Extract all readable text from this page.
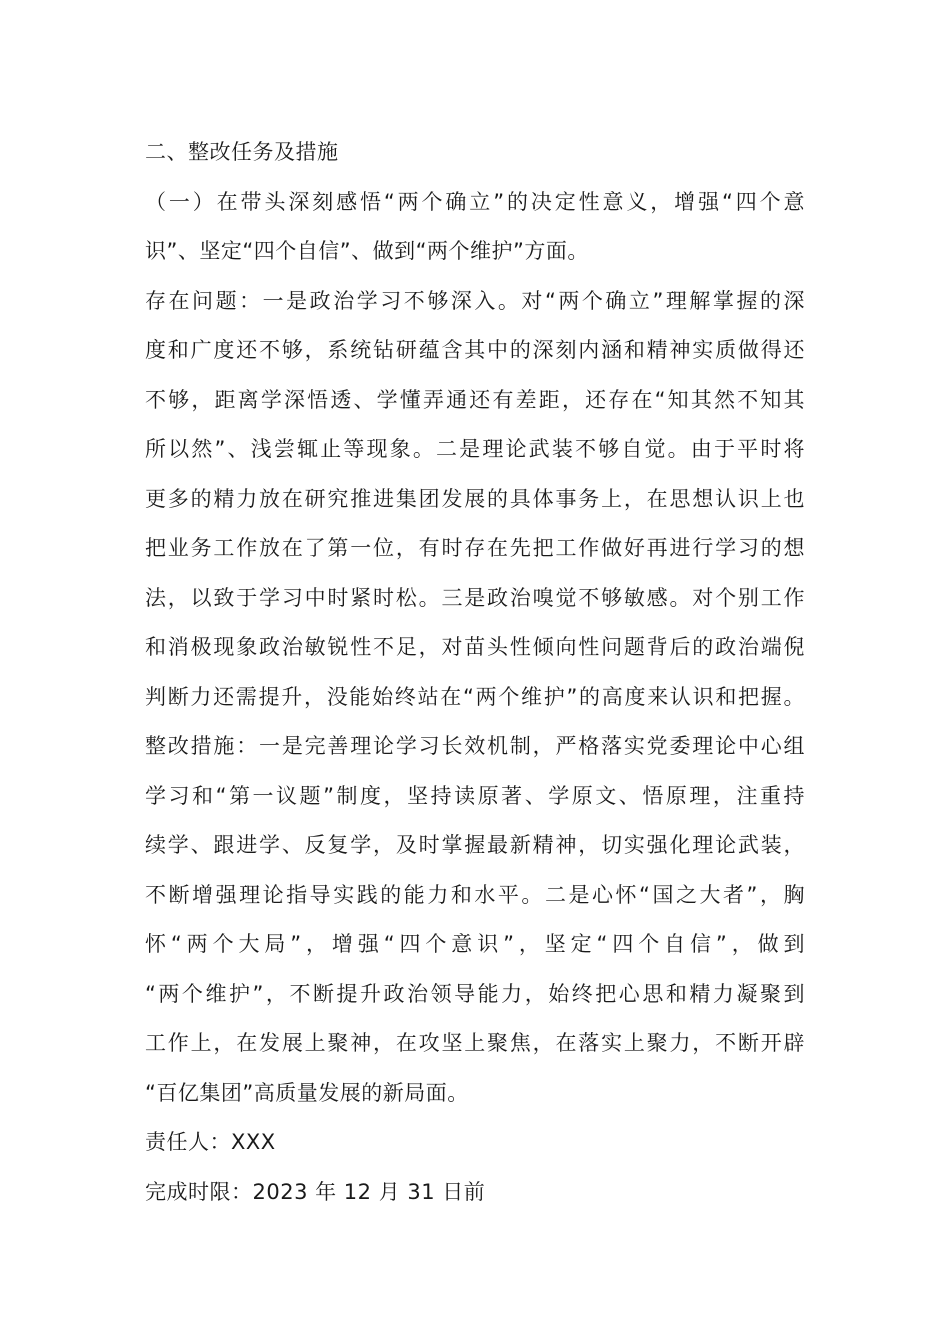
二、整改任务及措施
（一）在带头深刻感悟“两个确立”的决定性意义，增强“四个意
识”、坚定“四个自信”、做到“两个维护”方面。
存在问题：一是政治学习不够深入。对“两个确立”理解掌握的深
度和广度还不够，系统钻研蕴含其中的深刻内涵和精神实质做得还
不够，距离学深悟透、学懂弄通还有差距，还存在“知其然不知其
所以然”、浅尝辄止等现象。二是理论武装不够自觉。由于平时将
更多的精力放在研究推进集团发展的具体事务上，在思想认识上也
把业务工作放在了第一位，有时存在先把工作做好再进行学习的想
法，以致于学习中时紧时松。三是政治嗅觉不够敏感。对个别工作
和消极现象政治敏锐性不足，对苗头性倾向性问题背后的政治端倪
判断力还需提升，没能始终站在“两个维护”的高度来认识和把握。
整改措施：一是完善理论学习长效机制，严格落实党委理论中心组
学习和“第一议题”制度，坚持读原著、学原文、悟原理，注重持
续学、跟进学、反复学，及时掌握最新精神，切实强化理论武装，
不断增强理论指导实践的能力和水平。二是心怀“国之大者”，胸
怀“两个大局”，增强“四个意识”，坚定“四个自信”，做到
“两个维护”，不断提升政治领导能力，始终把心思和精力凝聚到
工作上，在发展上聚神，在攻坚上聚焦，在落实上聚力，不断开辟
“百亿集团”高质量发展的新局面。
责任人：XXX
完成时限：2023 年 12 月 31 日前
